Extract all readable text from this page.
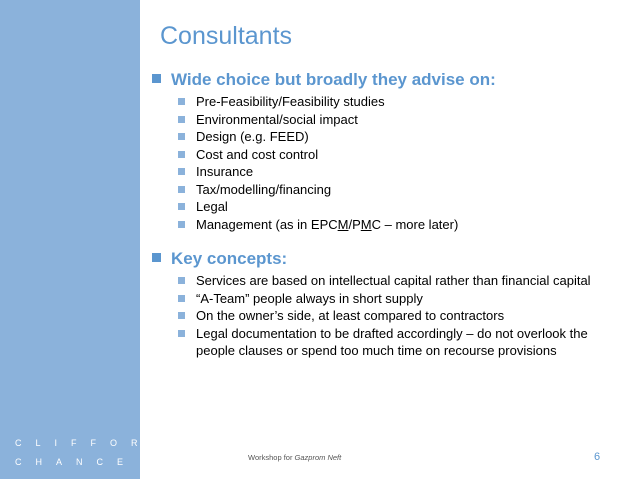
Consultants
CLIFFORD
CHANCE
Wide choice but broadly they advise on:
Pre-Feasibility/Feasibility studies
Environmental/social impact
Design (e.g. FEED)
Cost and cost control
Insurance
Tax/modelling/financing
Legal
Management (as in EPCM/PMC – more later)
Key concepts:
Services are based on intellectual capital rather than financial capital
“A-Team” people always in short supply
On the owner’s side, at least compared to contractors
Legal documentation to be drafted accordingly – do not overlook the people clauses or spend too much time on recourse provisions
Workshop for Gazprom Neft	6
